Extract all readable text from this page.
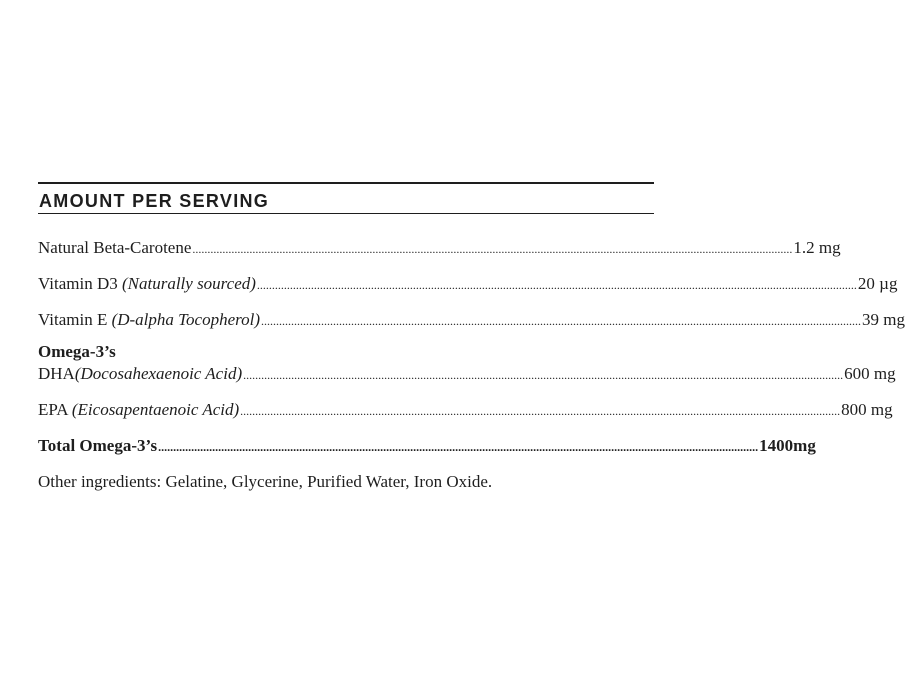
AMOUNT PER SERVING
Natural Beta-Carotene ........................................................................................................................................................................................................ 1.2 mg
Vitamin D3 (Naturally sourced) ........................................................................................................................................................................................................ 20 µg
Vitamin E (D-alpha Tocopherol) ........................................................................................................................................................................................................ 39 mg
Omega-3’s
DHA(Docosahexaenoic Acid) ........................................................................................................................................................................................................ 600 mg
EPA (Eicosapentaenoic Acid) ........................................................................................................................................................................................................ 800 mg
Total Omega-3’s ........................................................................................................................................................................................................ 1400mg
Other ingredients: Gelatine, Glycerine, Purified Water, Iron Oxide.
